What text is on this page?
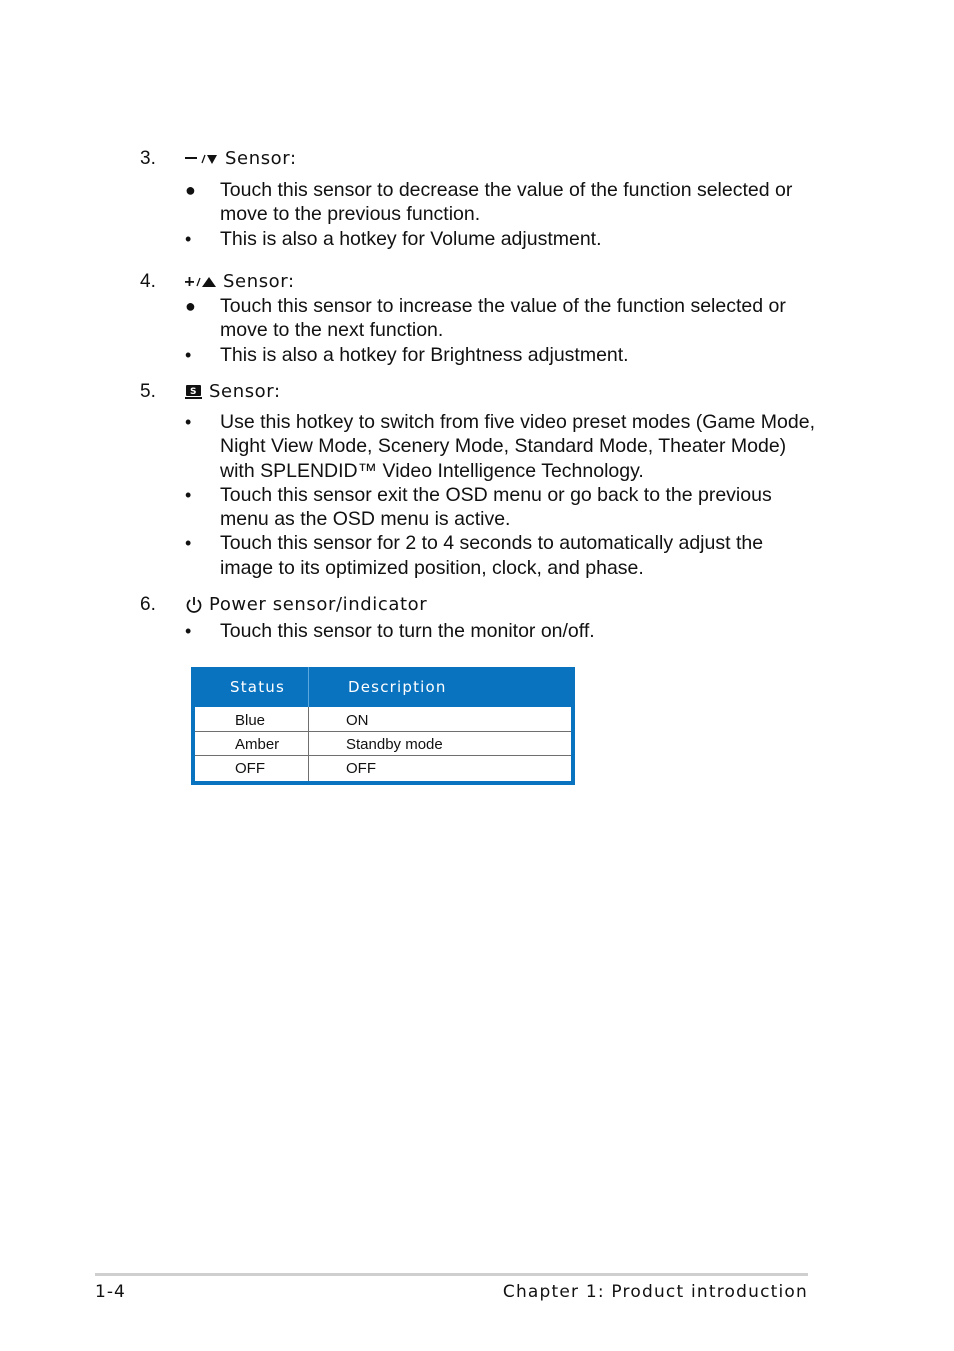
3.	Sensor:
● Touch this sensor to decrease the value of the function selected or move to the previous function.
• This is also a hotkey for Volume adjustment.
4.	Sensor:
● Touch this sensor to increase the value of the function selected or move to the next function.
• This is also a hotkey for Brightness adjustment.
5.	S Sensor:
• Use this hotkey to switch from five video preset modes (Game Mode, Night View Mode, Scenery Mode, Standard Mode, Theater Mode) with SPLENDID™ Video Intelligence Technology.
• Touch this sensor exit the OSD menu or go back to the previous menu as the OSD menu is active.
• Touch this sensor for 2 to 4 seconds to automatically adjust the image to its optimized position, clock, and phase.
6.	Power sensor/indicator
• Touch this sensor to turn the monitor on/off.
Status	Description
Blue	ON
Amber	Standby mode
OFF	OFF
1-4	Chapter 1: Product introduction
